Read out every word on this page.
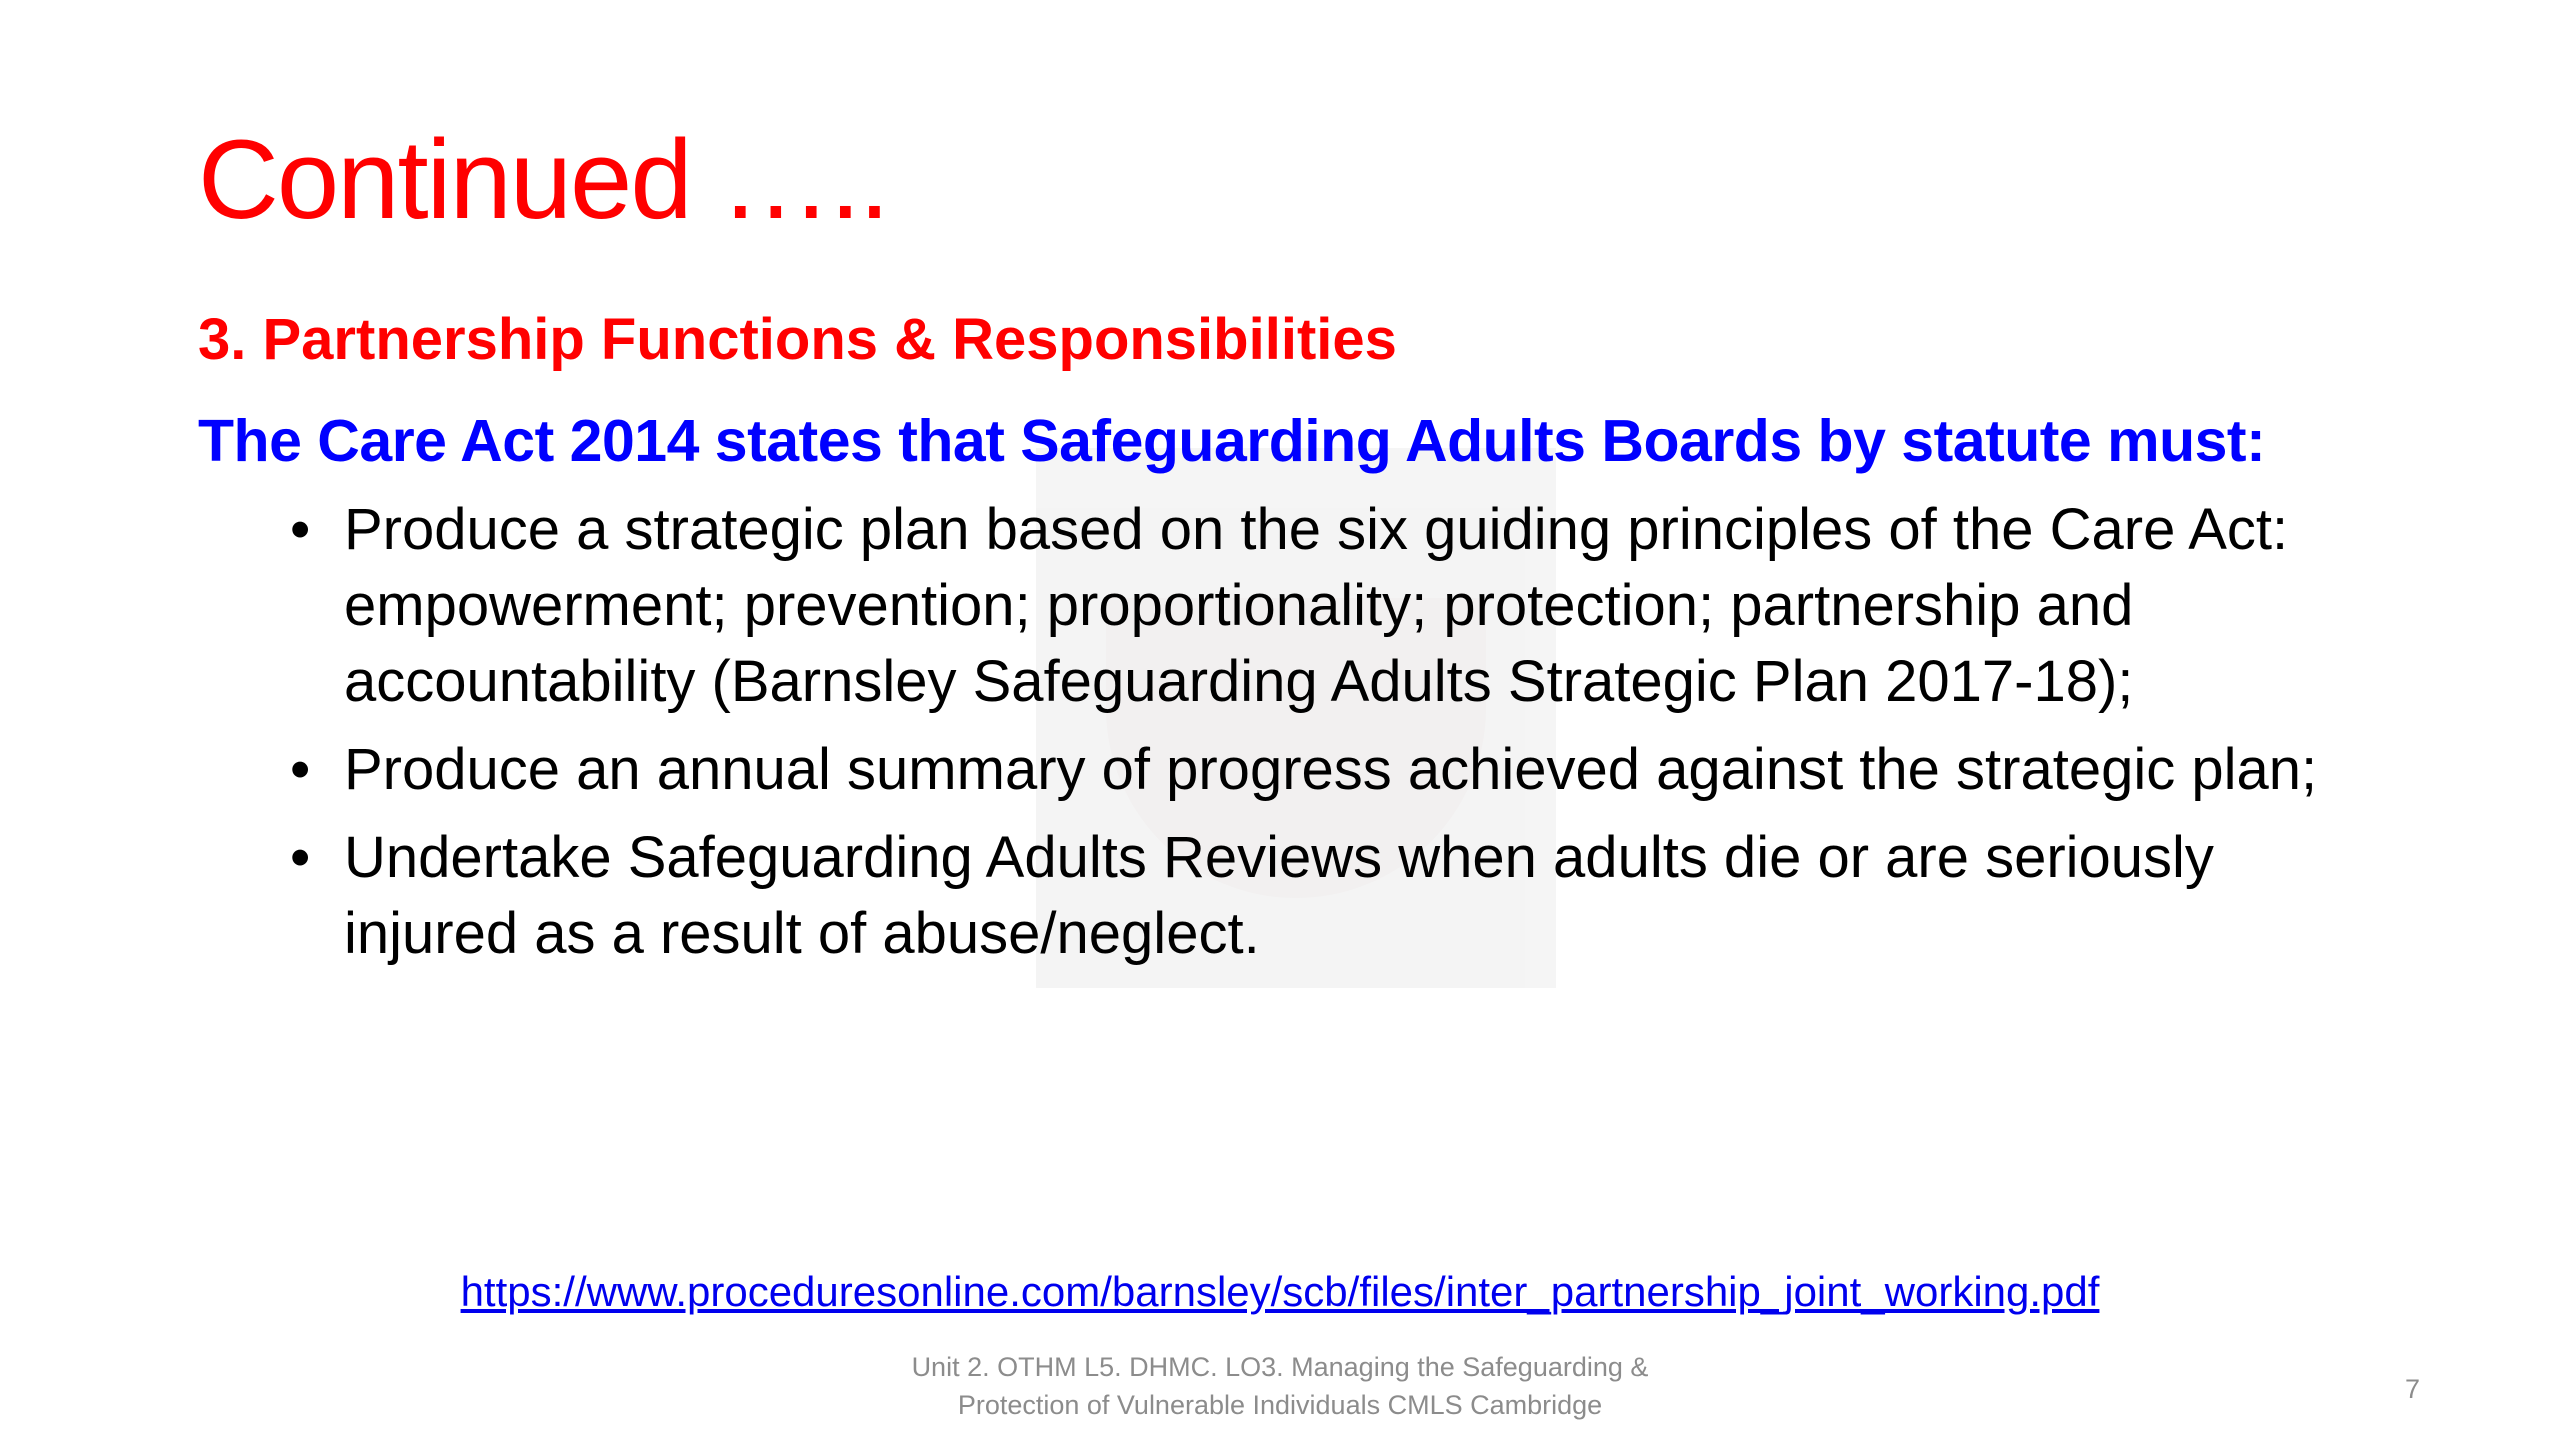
Continued …..
3. Partnership Functions & Responsibilities
The Care Act 2014 states that Safeguarding Adults Boards by statute must:
• Produce a strategic plan based on the six guiding principles of the Care Act: empowerment; prevention; proportionality; protection; partnership and accountability (Barnsley Safeguarding Adults Strategic Plan 2017-18);
• Produce an annual summary of progress achieved against the strategic plan;
• Undertake Safeguarding Adults Reviews when adults die or are seriously injured as a result of abuse/neglect.
https://www.proceduresonline.com/barnsley/scb/files/inter_partnership_joint_working.pdf
Unit 2. OTHM L5. DHMC. LO3. Managing the Safeguarding &
Protection of Vulnerable Individuals CMLS Cambridge
7
